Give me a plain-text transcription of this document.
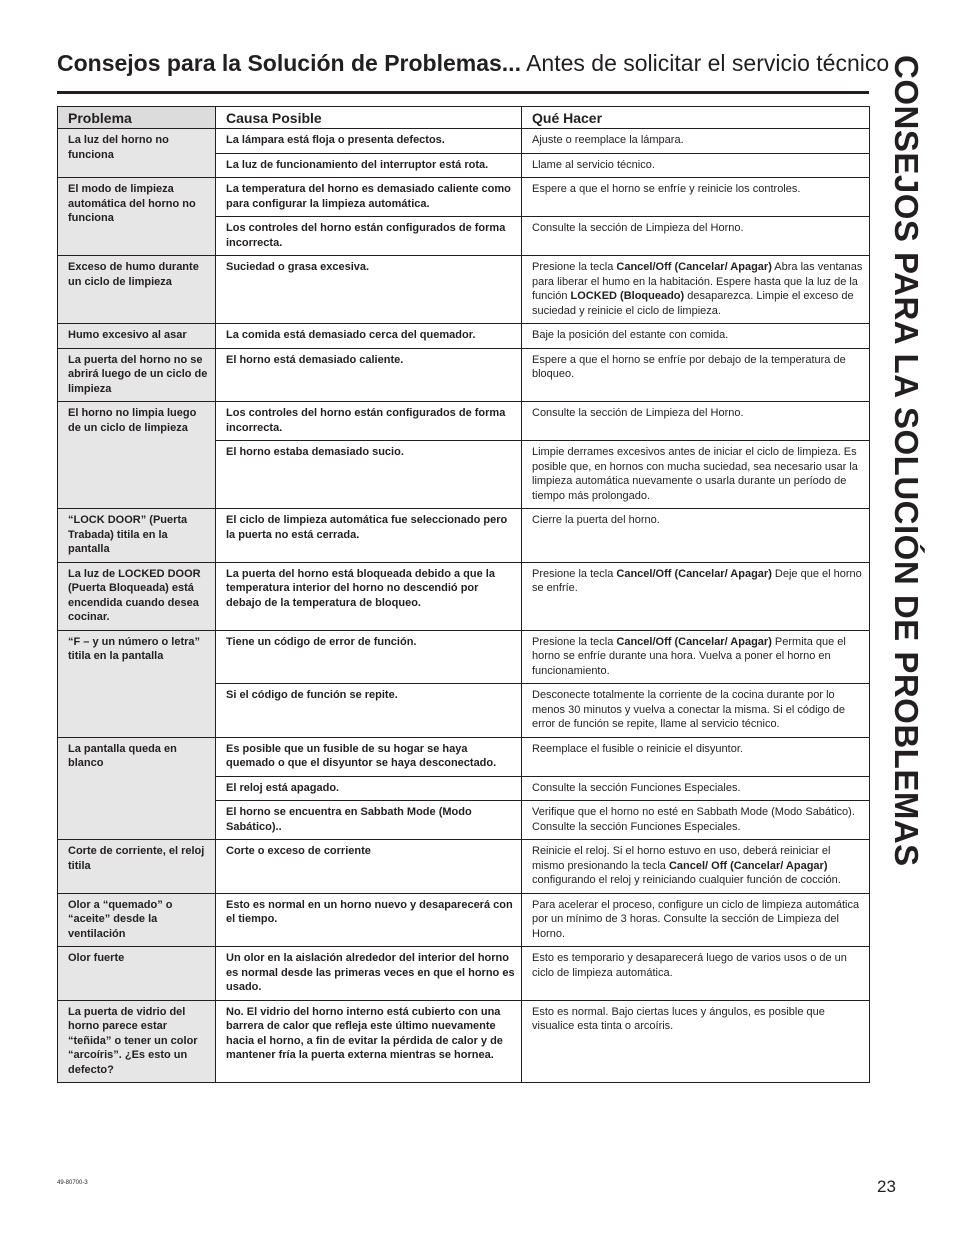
Consejos para la Solución de Problemas... Antes de solicitar el servicio técnico
CONSEJOS PARA LA SOLUCIÓN DE PROBLEMAS
Problema	Causa Posible	Qué Hacer
La luz del horno no funciona	La lámpara está floja o presenta defectos.	Ajuste o reemplace la lámpara.
	La luz de funcionamiento del interruptor está rota.	Llame al servicio técnico.
El modo de limpieza automática del horno no funciona	La temperatura del horno es demasiado caliente como para configurar la limpieza automática.	Espere a que el horno se enfríe y reinicie los controles.
	Los controles del horno están configurados de forma incorrecta.	Consulte la sección de Limpieza del Horno.
Exceso de humo durante un ciclo de limpieza	Suciedad o grasa excesiva.	Presione la tecla Cancel/Off (Cancelar/ Apagar) Abra las ventanas para liberar el humo en la habitación. Espere hasta que la luz de la función LOCKED (Bloqueado) desaparezca. Limpie el exceso de suciedad y reinicie el ciclo de limpieza.
Humo excesivo al asar	La comida está demasiado cerca del quemador.	Baje la posición del estante con comida.
La puerta del horno no se abrirá luego de un ciclo de limpieza	El horno está demasiado caliente.	Espere a que el horno se enfríe por debajo de la temperatura de bloqueo.
El horno no limpia luego de un ciclo de limpieza	Los controles del horno están configurados de forma incorrecta.	Consulte la sección de Limpieza del Horno.
	El horno estaba demasiado sucio.	Limpie derrames excesivos antes de iniciar el ciclo de limpieza. Es posible que, en hornos con mucha suciedad, sea necesario usar la limpieza automática nuevamente o usarla durante un período de tiempo más prolongado.
“LOCK DOOR” (Puerta Trabada) titila en la pantalla	El ciclo de limpieza automática fue seleccionado pero la puerta no está cerrada.	Cierre la puerta del horno.
La luz de LOCKED DOOR (Puerta Bloqueada) está encendida cuando desea cocinar.	La puerta del horno está bloqueada debido a que la temperatura interior del horno no descendió por debajo de la temperatura de bloqueo.	Presione la tecla Cancel/Off (Cancelar/ Apagar) Deje que el horno se enfríe.
“F – y un número o letra” titila en la pantalla	Tiene un código de error de función.	Presione la tecla Cancel/Off (Cancelar/ Apagar) Permita que el horno se enfríe durante una hora. Vuelva a poner el horno en funcionamiento.
	Si el código de función se repite.	Desconecte totalmente la corriente de la cocina durante por lo menos 30 minutos y vuelva a conectar la misma. Si el código de error de función se repite, llame al servicio técnico.
La pantalla queda en blanco	Es posible que un fusible de su hogar se haya quemado o que el disyuntor se haya desconectado.	Reemplace el fusible o reinicie el disyuntor.
	El reloj está apagado.	Consulte la sección Funciones Especiales.
	El horno se encuentra en Sabbath Mode (Modo Sabático)..	Verifique que el horno no esté en Sabbath Mode (Modo Sabático). Consulte la sección Funciones Especiales.
Corte de corriente, el reloj titila	Corte o exceso de corriente	Reinicie el reloj. Si el horno estuvo en uso, deberá reiniciar el mismo presionando la tecla Cancel/ Off (Cancelar/ Apagar) configurando el reloj y reiniciando cualquier función de cocción.
Olor a “quemado” o “aceite” desde la ventilación	Esto es normal en un horno nuevo y desaparecerá con el tiempo.	Para acelerar el proceso, configure un ciclo de limpieza automática por un mínimo de 3 horas. Consulte la sección de Limpieza del Horno.
Olor fuerte	Un olor en la aislación alrededor del interior del horno es normal desde las primeras veces en que el horno es usado.	Esto es temporario y desaparecerá luego de varios usos o de un ciclo de limpieza automática.
La puerta de vidrio del horno parece estar “teñida” o tener un color “arcoíris”. ¿Es esto un defecto?	No. El vidrio del horno interno está cubierto con una barrera de calor que refleja este último nuevamente hacia el horno, a fin de evitar la pérdida de calor y de mantener fría la puerta externa mientras se hornea.	Esto es normal. Bajo ciertas luces y ángulos, es posible que visualice esta tinta o arcoíris.
49-80700-3	23
